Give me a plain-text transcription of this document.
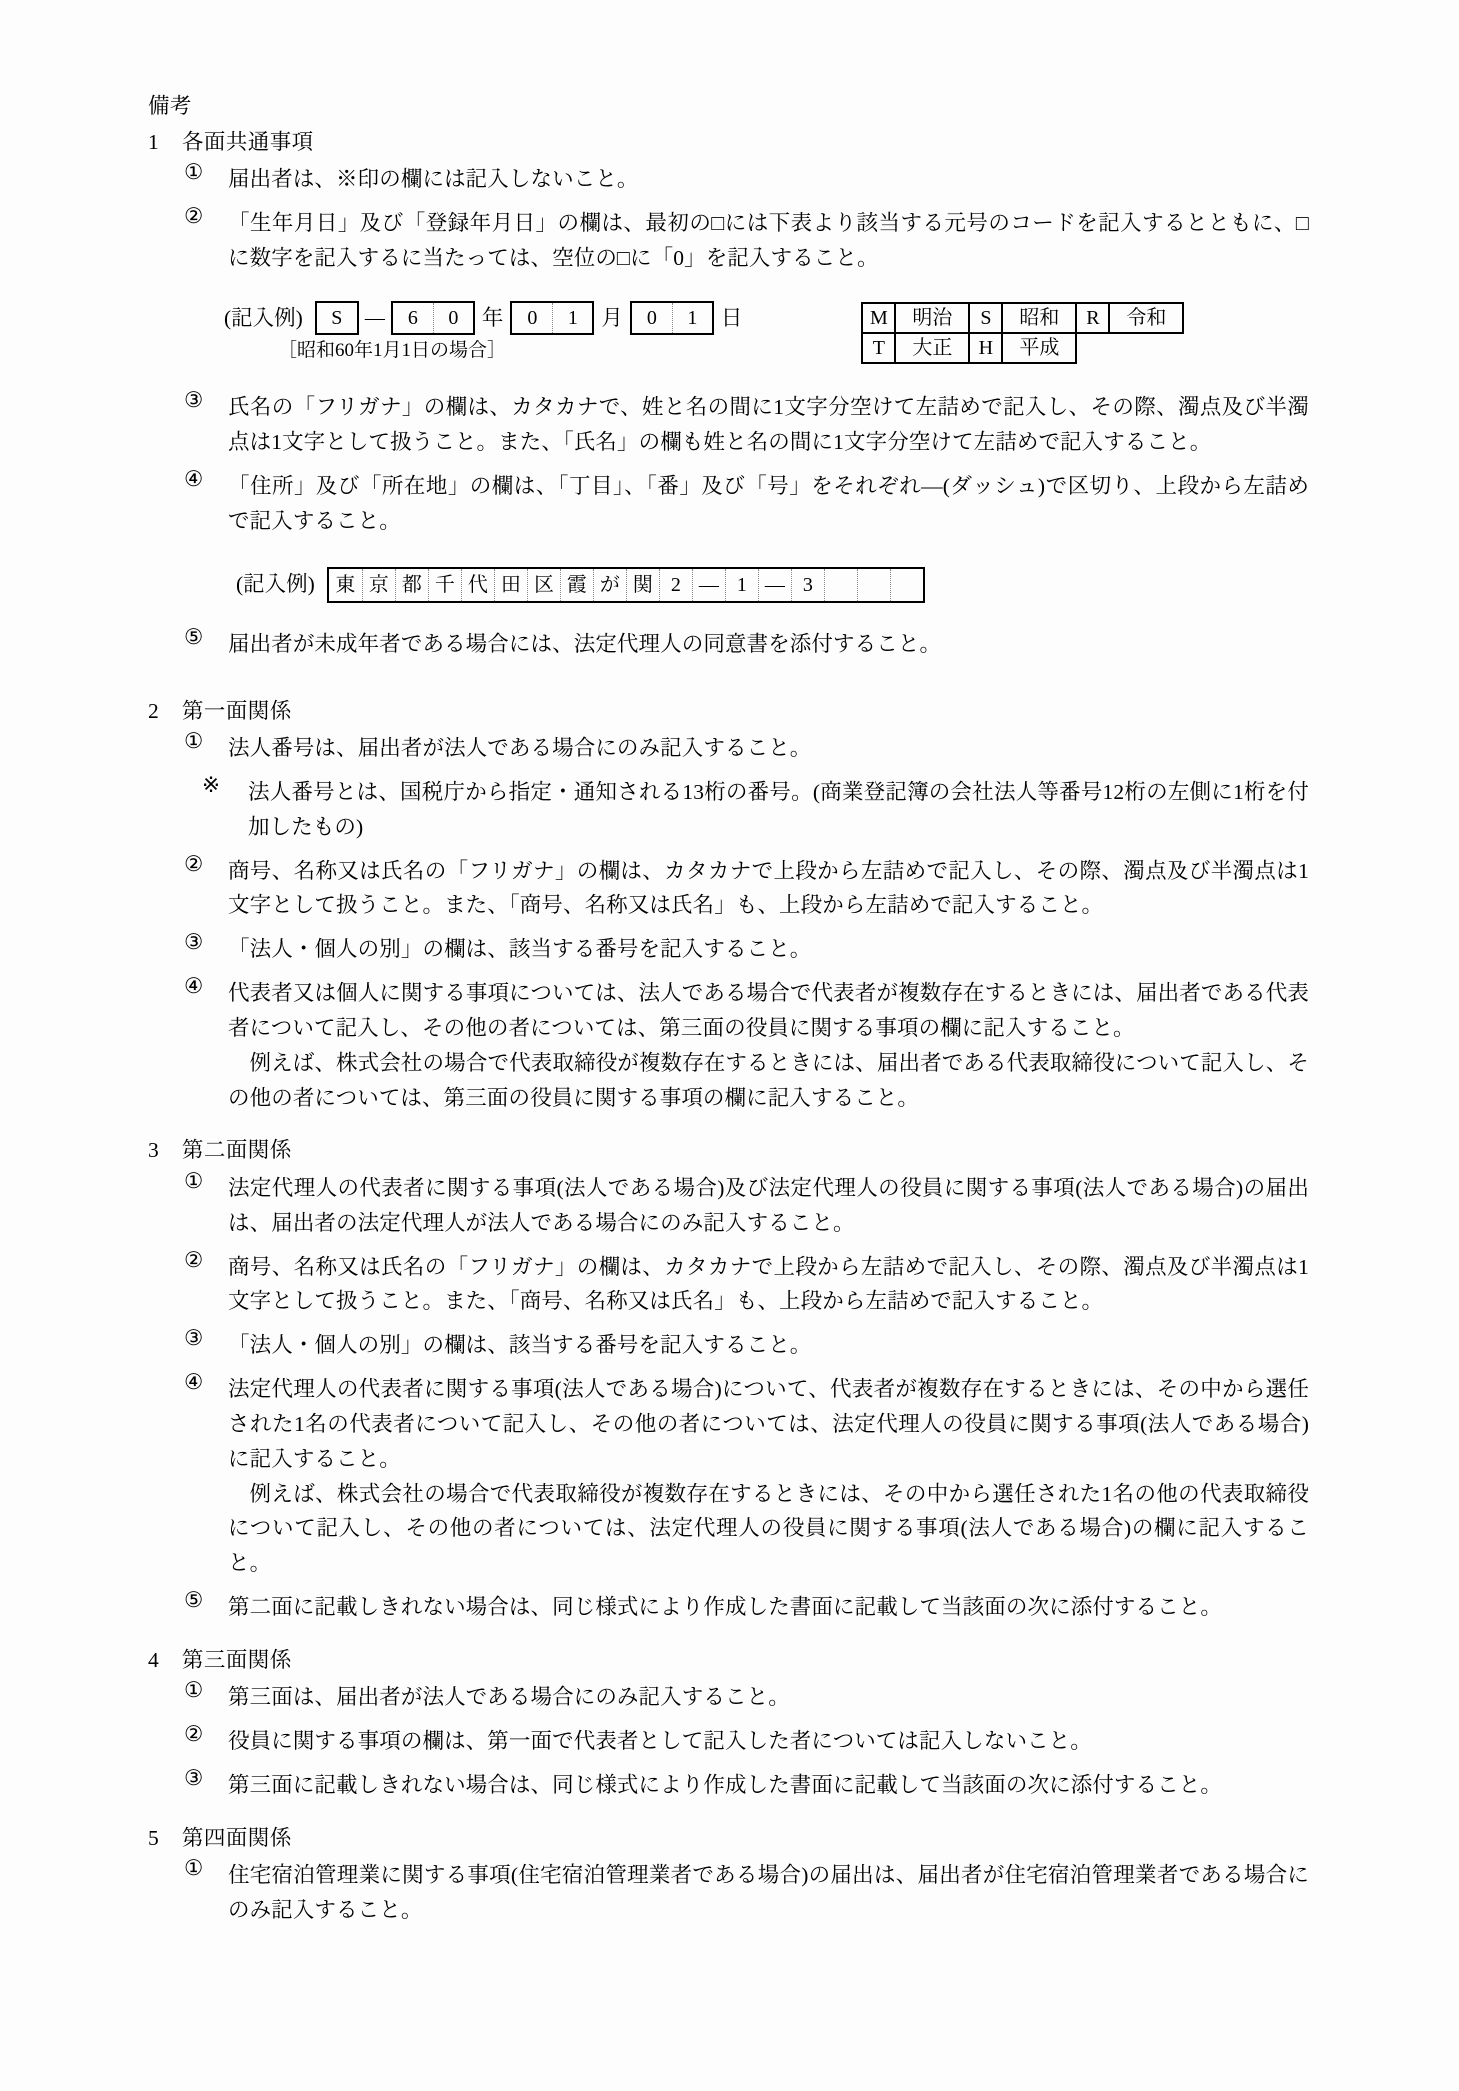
備考
1	各面共通事項
①	届出者は、※印の欄には記入しないこと。

②	「生年月日」及び「登録年月日」の欄は、最初の□には下表より該当する元号のコードを記入するとともに、□に数字を記入するに当たっては、空位の□に「0」を記入すること。

(記入例)	S	―	6	0	年	0	1	月	0	1	日
［昭和60年1月1日の場合］
M	明治	S	昭和	R	令和
T	大正	H	平成		
③	氏名の「フリガナ」の欄は、カタカナで、姓と名の間に1文字分空けて左詰めで記入し、その際、濁点及び半濁点は1文字として扱うこと。また、「氏名」の欄も姓と名の間に1文字分空けて左詰めで記入すること。

④	「住所」及び「所在地」の欄は、「丁目」、「番」及び「号」をそれぞれ―(ダッシュ)で区切り、上段から左詰めで記入すること。

(記入例)	東 京 都 千 代 田 区 霞 が 関 2 ― 1 ― 3
⑤	届出者が未成年者である場合には、法定代理人の同意書を添付すること。

2	第一面関係
①	法人番号は、届出者が法人である場合にのみ記入すること。

※	法人番号とは、国税庁から指定・通知される13桁の番号。(商業登記簿の会社法人等番号12桁の左側に1桁を付加したもの)

②	商号、名称又は氏名の「フリガナ」の欄は、カタカナで上段から左詰めで記入し、その際、濁点及び半濁点は1文字として扱うこと。また、「商号、名称又は氏名」も、上段から左詰めで記入すること。

③	「法人・個人の別」の欄は、該当する番号を記入すること。

④	代表者又は個人に関する事項については、法人である場合で代表者が複数存在するときには、届出者である代表者について記入し、その他の者については、第三面の役員に関する事項の欄に記入すること。

例えば、株式会社の場合で代表取締役が複数存在するときには、届出者である代表取締役について記入し、その他の者については、第三面の役員に関する事項の欄に記入すること。

3	第二面関係
①	法定代理人の代表者に関する事項(法人である場合)及び法定代理人の役員に関する事項(法人である場合)の届出は、届出者の法定代理人が法人である場合にのみ記入すること。

②	商号、名称又は氏名の「フリガナ」の欄は、カタカナで上段から左詰めで記入し、その際、濁点及び半濁点は1文字として扱うこと。また、「商号、名称又は氏名」も、上段から左詰めで記入すること。

③	「法人・個人の別」の欄は、該当する番号を記入すること。

④	法定代理人の代表者に関する事項(法人である場合)について、代表者が複数存在するときには、その中から選任された1名の代表者について記入し、その他の者については、法定代理人の役員に関する事項(法人である場合)に記入すること。

例えば、株式会社の場合で代表取締役が複数存在するときには、その中から選任された1名の他の代表取締役について記入し、その他の者については、法定代理人の役員に関する事項(法人である場合)の欄に記入すること。

⑤	第二面に記載しきれない場合は、同じ様式により作成した書面に記載して当該面の次に添付すること。

4	第三面関係
①	第三面は、届出者が法人である場合にのみ記入すること。

②	役員に関する事項の欄は、第一面で代表者として記入した者については記入しないこと。

③	第三面に記載しきれない場合は、同じ様式により作成した書面に記載して当該面の次に添付すること。

5	第四面関係
①	住宅宿泊管理業に関する事項(住宅宿泊管理業者である場合)の届出は、届出者が住宅宿泊管理業者である場合にのみ記入すること。
